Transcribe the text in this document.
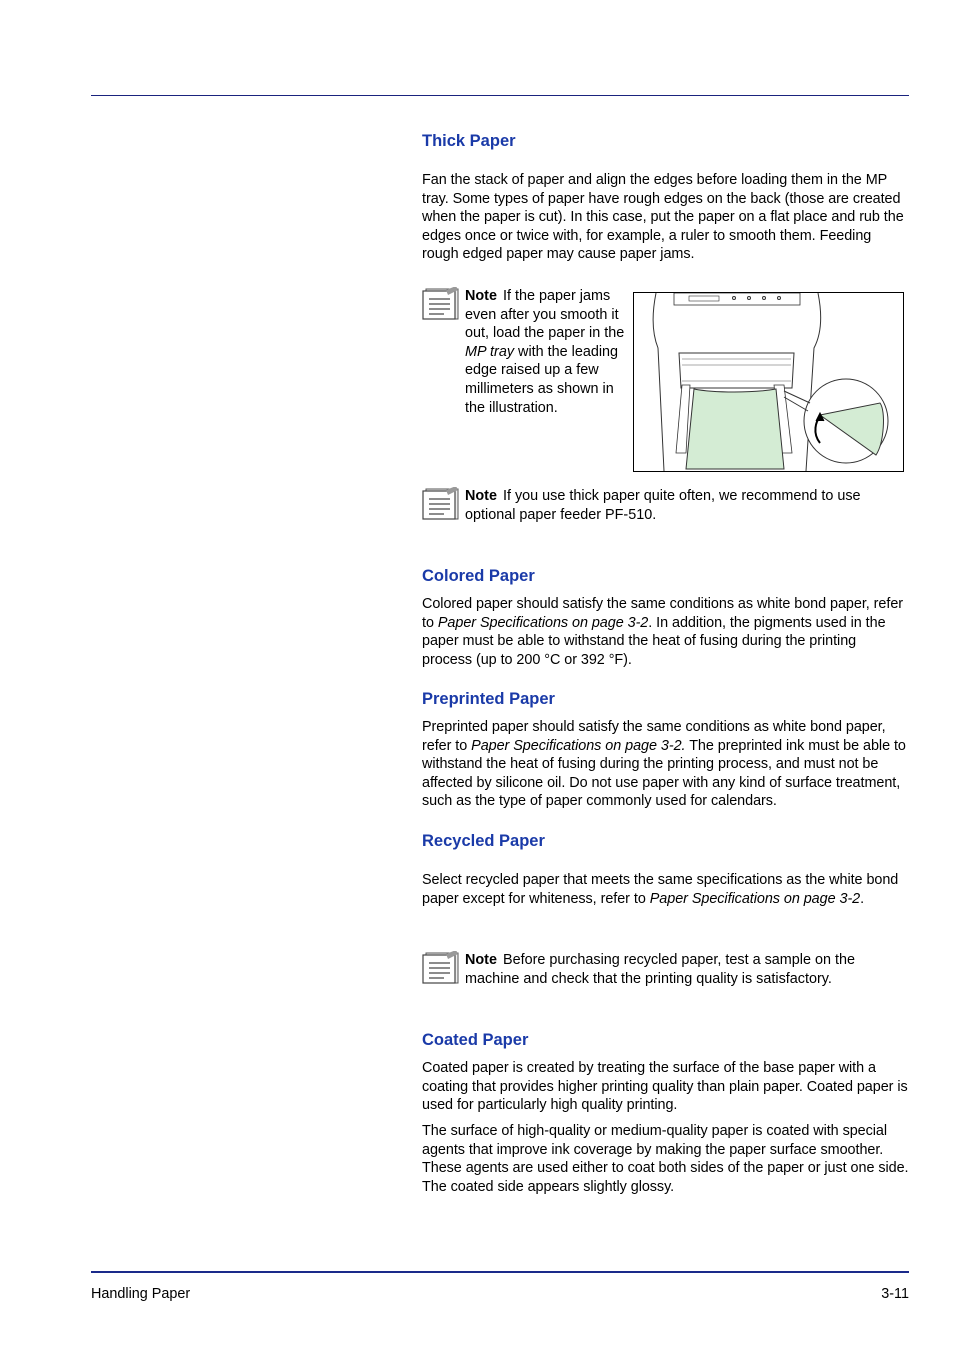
Thick Paper

Fan the stack of paper and align the edges before loading them in the MP tray. Some types of paper have rough edges on the back (those are created when the paper is cut). In this case, put the paper on a flat place and rub the edges once or twice with, for example, a ruler to smooth them. Feeding rough edged paper may cause paper jams.

Note If the paper jams even after you smooth it out, load the paper in the MP tray with the leading edge raised up a few millimeters as shown in the illustration.

Note If you use thick paper quite often, we recommend to use optional paper feeder PF-510.

Colored Paper

Colored paper should satisfy the same conditions as white bond paper, refer to Paper Specifications on page 3-2. In addition, the pigments used in the paper must be able to withstand the heat of fusing during the printing process (up to 200 °C or 392 °F).

Preprinted Paper

Preprinted paper should satisfy the same conditions as white bond paper, refer to Paper Specifications on page 3-2. The preprinted ink must be able to withstand the heat of fusing during the printing process, and must not be affected by silicone oil. Do not use paper with any kind of surface treatment, such as the type of paper commonly used for calendars.

Recycled Paper

Select recycled paper that meets the same specifications as the white bond paper except for whiteness, refer to Paper Specifications on page 3-2.

Note Before purchasing recycled paper, test a sample on the machine and check that the printing quality is satisfactory.

Coated Paper

Coated paper is created by treating the surface of the base paper with a coating that provides higher printing quality than plain paper. Coated paper is used for particularly high quality printing.

The surface of high-quality or medium-quality paper is coated with special agents that improve ink coverage by making the paper surface smoother. These agents are used either to coat both sides of the paper or just one side. The coated side appears slightly glossy.

Handling Paper	3-11
